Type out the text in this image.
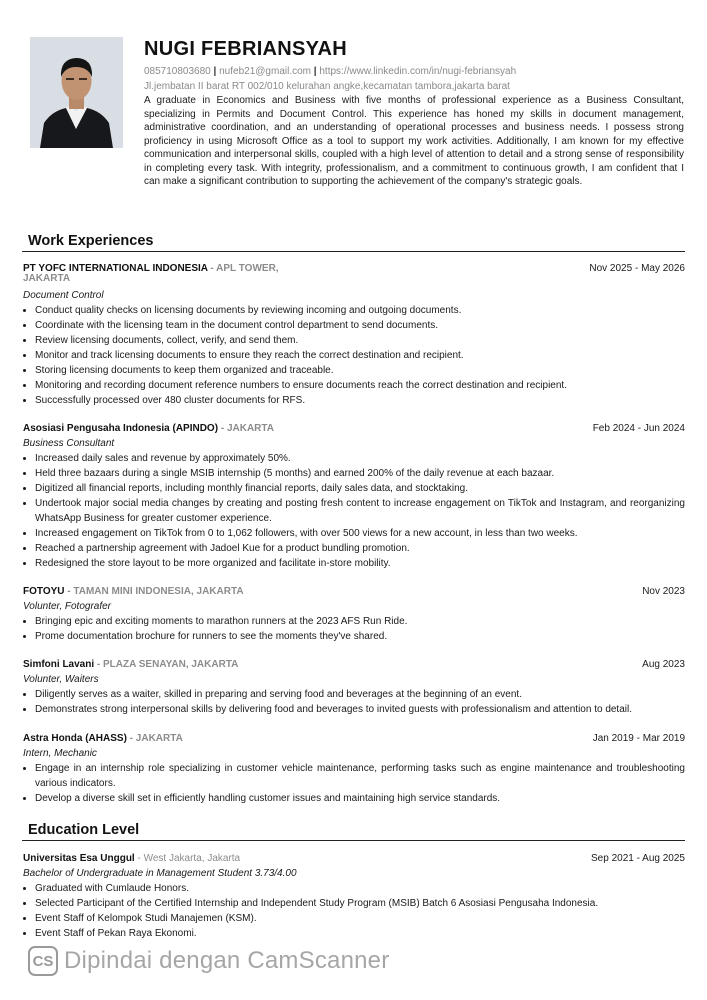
NUGI FEBRIANSYAH
085710803680 | nufeb21@gmail.com | https://www.linkedin.com/in/nugi-febriansyah
Jl.jembatan II barat RT 002/010 kelurahan angke,kecamatan tambora,jakarta barat
A graduate in Economics and Business with five months of professional experience as a Business Consultant, specializing in Permits and Document Control. This experience has honed my skills in document management, administrative coordination, and an understanding of operational processes and business needs. I possess strong proficiency in using Microsoft Office as a tool to support my work activities. Additionally, I am known for my effective communication and interpersonal skills, coupled with a high level of attention to detail and a strong sense of responsibility in completing every task. With integrity, professionalism, and a commitment to continuous growth, I am confident that I can make a significant contribution to supporting the achievement of the company's strategic goals.
Work Experiences
PT YOFC INTERNATIONAL INDONESIA - APL TOWER,	Nov 2025 - May 2026
JAKARTA
Document Control
• Conduct quality checks on licensing documents by reviewing incoming and outgoing documents.
• Coordinate with the licensing team in the document control department to send documents.
• Review licensing documents, collect, verify, and send them.
• Monitor and track licensing documents to ensure they reach the correct destination and recipient.
• Storing licensing documents to keep them organized and traceable.
• Monitoring and recording document reference numbers to ensure documents reach the correct destination and recipient.
• Successfully processed over 480 cluster documents for RFS.
Asosiasi Pengusaha Indonesia (APINDO) - JAKARTA	Feb 2024 - Jun 2024
Business Consultant
• Increased daily sales and revenue by approximately 50%.
• Held three bazaars during a single MSIB internship (5 months) and earned 200% of the daily revenue at each bazaar.
• Digitized all financial reports, including monthly financial reports, daily sales data, and stocktaking.
• Undertook major social media changes by creating and posting fresh content to increase engagement on TikTok and Instagram, and reorganizing WhatsApp Business for greater customer experience.
• Increased engagement on TikTok from 0 to 1,062 followers, with over 500 views for a new account, in less than two weeks.
• Reached a partnership agreement with Jadoel Kue for a product bundling promotion.
• Redesigned the store layout to be more organized and facilitate in-store mobility.
FOTOYU - TAMAN MINI INDONESIA, JAKARTA	Nov 2023
Volunter, Fotografer
• Bringing epic and exciting moments to marathon runners at the 2023 AFS Run Ride.
• Prome documentation brochure for runners to see the moments they've shared.
Simfoni Lavani - PLAZA SENAYAN, JAKARTA	Aug 2023
Volunter, Waiters
• Diligently serves as a waiter, skilled in preparing and serving food and beverages at the beginning of an event.
• Demonstrates strong interpersonal skills by delivering food and beverages to invited guests with professionalism and attention to detail.
Astra Honda (AHASS) - JAKARTA	Jan 2019 - Mar 2019
Intern, Mechanic
• Engage in an internship role specializing in customer vehicle maintenance, performing tasks such as engine maintenance and troubleshooting various indicators.
• Develop a diverse skill set in efficiently handling customer issues and maintaining high service standards.
Education Level
Universitas Esa Unggul - West Jakarta, Jakarta	Sep 2021 - Aug 2025
Bachelor of Undergraduate in Management Student 3.73/4.00
• Graduated with Cumlaude Honors.
• Selected Participant of the Certified Internship and Independent Study Program (MSIB) Batch 6 Asosiasi Pengusaha Indonesia.
• Event Staff of Kelompok Studi Manajemen (KSM).
• Event Staff of Pekan Raya Ekonomi.
CS Dipindai dengan CamScanner
